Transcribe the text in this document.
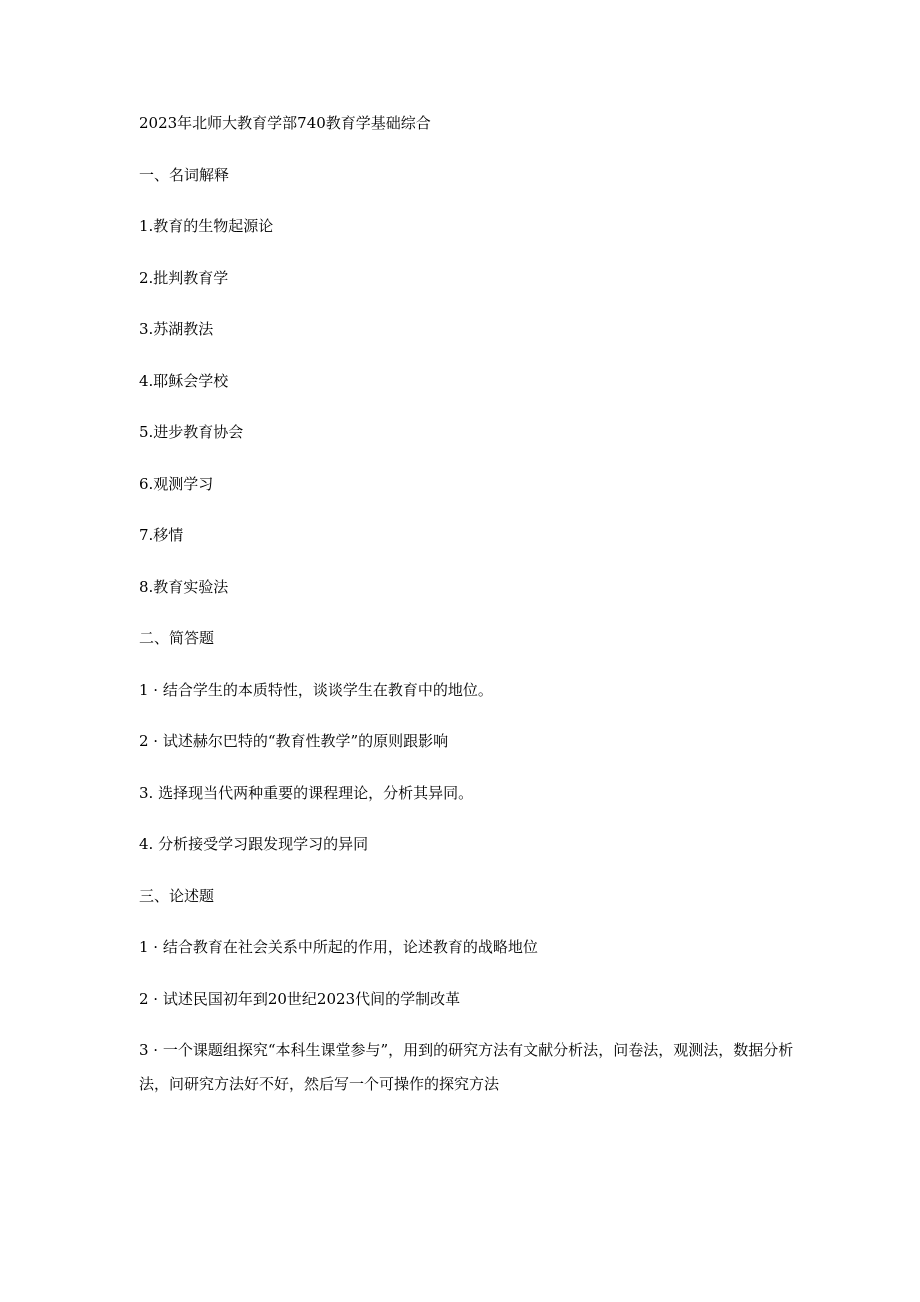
2023年北师大教育学部740教育学基础综合

一、名词解释

1.教育的生物起源论

2.批判教育学

3.苏湖教法

4.耶稣会学校

5.进步教育协会

6.观测学习

7.移情

8.教育实验法

二、简答题

1 · 结合学生的本质特性，谈谈学生在教育中的地位。

2 · 试述赫尔巴特的“教育性教学”的原则跟影响

3. 选择现当代两种重要的课程理论，分析其异同。

4. 分析接受学习跟发现学习的异同

三、论述题

1 · 结合教育在社会关系中所起的作用，论述教育的战略地位

2 · 试述民国初年到20世纪2023代间的学制改革

3 · 一个课题组探究“本科生课堂参与”，用到的研究方法有文献分析法，问卷法，观测法，数据分析法，问研究方法好不好，然后写一个可操作的探究方法
